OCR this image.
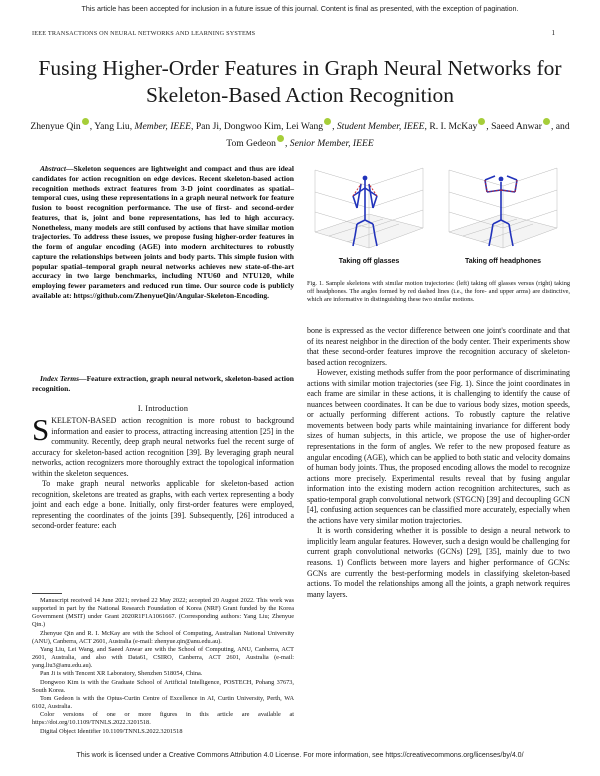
This article has been accepted for inclusion in a future issue of this journal. Content is final as presented, with the exception of pagination.
IEEE TRANSACTIONS ON NEURAL NETWORKS AND LEARNING SYSTEMS	1
Fusing Higher-Order Features in Graph Neural Networks for Skeleton-Based Action Recognition
Zhenyue Qin , Yang Liu, Member, IEEE, Pan Ji, Dongwoo Kim, Lei Wang , Student Member, IEEE, R. I. McKay , Saeed Anwar , and Tom Gedeon , Senior Member, IEEE
Abstract—Skeleton sequences are lightweight and compact and thus are ideal candidates for action recognition on edge devices. Recent skeleton-based action recognition methods extract features from 3-D joint coordinates as spatial–temporal cues, using these representations in a graph neural network for feature fusion to boost recognition performance. The use of first- and second-order features, that is, joint and bone representations, has led to high accuracy. Nonetheless, many models are still confused by actions that have similar motion trajectories. To address these issues, we propose fusing higher-order features in the form of angular encoding (AGE) into modern architectures to robustly capture the relationships between joints and body parts. This simple fusion with popular spatial–temporal graph neural networks achieves new state-of-the-art accuracy in two large benchmarks, including NTU60 and NTU120, while employing fewer parameters and reduced run time. Our source code is publicly available at: https://github.com/ZhenyueQin/Angular-Skeleton-Encoding.
Index Terms—Feature extraction, graph neural network, skeleton-based action recognition.
I. Introduction

SKELETON-BASED action recognition is more robust to background information and easier to process, attracting increasing attention [25] in the community. Recently, deep graph neural networks fuel the recent surge of accuracy for skeleton-based action recognition [39]. By leveraging graph neural networks, action recognizers more thoroughly extract the topological information within the skeleton sequences.

To make graph neural networks applicable for skeleton-based action recognition, skeletons are treated as graphs, with each vertex representing a body joint and each edge a bone. Initially, only first-order features were employed, representing the coordinates of the joints [39]. Subsequently, [26] introduced a second-order feature: each

Manuscript received 14 June 2021; revised 22 May 2022; accepted 20 August 2022. This work was supported in part by the National Research Foundation of Korea (NRF) Grant funded by the Korea Government (MSIT) under Grant 2020R1F1A1061667. (Corresponding authors: Yang Liu; Zhenyue Qin.)

Zhenyue Qin and R. I. McKay are with the School of Computing, Australian National University (ANU), Canberra, ACT 2601, Australia (e-mail: zhenyue.qin@anu.edu.au).

Yang Liu, Lei Wang, and Saeed Anwar are with the School of Computing, ANU, Canberra, ACT 2601, Australia, and also with Data61, CSIRO, Canberra, ACT 2601, Australia (e-mail: yang.liu3@anu.edu.au).

Pan Ji is with Tencent XR Laboratory, Shenzhen 518054, China.

Dongwoo Kim is with the Graduate School of Artificial Intelligence, POSTECH, Pohang 37673, South Korea.

Tom Gedeon is with the Optus-Curtin Centre of Excellence in AI, Curtin University, Perth, WA 6102, Australia.

Color versions of one or more figures in this article are available at https://doi.org/10.1109/TNNLS.2022.3201518.

Digital Object Identifier 10.1109/TNNLS.2022.3201518

Taking off glasses	Taking off headphones
Fig. 1. Sample skeletons with similar motion trajectories: (left) taking off glasses versus (right) taking off headphones. The angles formed by red dashed lines (i.e., the fore- and upper arms) are distinctive, which are informative in distinguishing these two similar motions.

bone is expressed as the vector difference between one joint's coordinate and that of its nearest neighbor in the direction of the body center. Their experiments show that these second-order features improve the recognition accuracy of skeleton-based action recognizers.

However, existing methods suffer from the poor performance of discriminating actions with similar motion trajectories (see Fig. 1). Since the joint coordinates in each frame are similar in these actions, it is challenging to identify the cause of nuances between coordinates. It can be due to various body sizes, motion speeds, or actually performing different actions. To robustly capture the relative movements between body parts while maintaining invariance for different body sizes of human subjects, in this article, we propose the use of higher-order representations in the form of angles. We refer to the new proposed feature as angular encoding (AGE), which can be applied to both static and velocity domains of human body joints. Thus, the proposed encoding allows the model to recognize actions more precisely. Experimental results reveal that by fusing angular information into the existing modern action recognition architectures, such as spatio-temporal graph convolutional network (STGCN) [39] and decoupling GCN [4], confusing action sequences can be classified more accurately, especially when the actions have very similar motion trajectories.

It is worth considering whether it is possible to design a neural network to implicitly learn angular features. However, such a design would be challenging for current graph convolutional networks (GCNs) [29], [35], mainly due to two reasons. 1) Conflicts between more layers and higher performance of GCNs: GCNs are currently the best-performing models in classifying skeleton-based actions. To model the relationships among all the joints, a graph network requires many layers.

This work is licensed under a Creative Commons Attribution 4.0 License. For more information, see https://creativecommons.org/licenses/by/4.0/
